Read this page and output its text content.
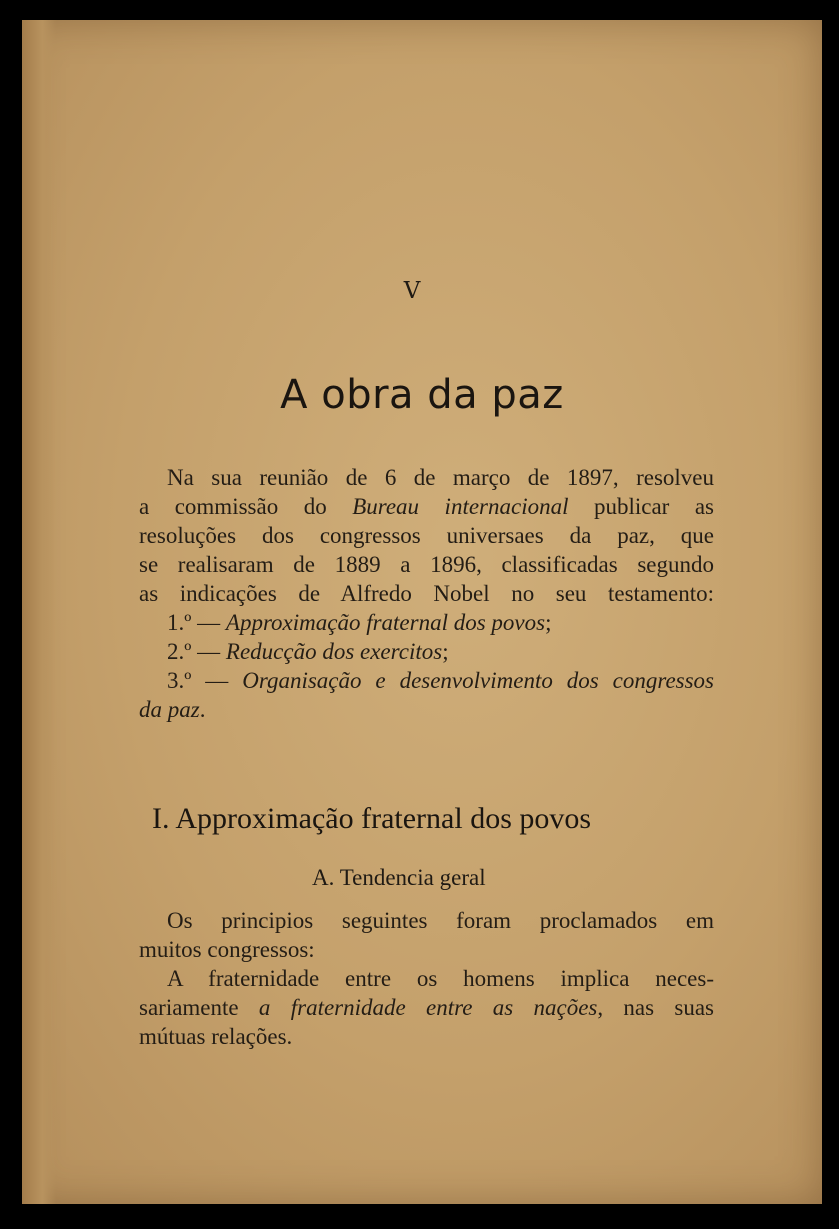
V
A obra da paz
Na sua reunião de 6 de março de 1897, resolveu
a commissão do Bureau internacional publicar as
resoluções dos congressos universaes da paz, que
se realisaram de 1889 a 1896, classificadas segundo
as indicações de Alfredo Nobel no seu testamento:
1.º — Approximação fraternal dos povos;
2.º — Reducção dos exercitos;
3.º — Organisação e desenvolvimento dos congressos
da paz.
I. Approximação fraternal dos povos
A. Tendencia geral
Os principios seguintes foram proclamados em
muitos congressos:
A fraternidade entre os homens implica neces-
sariamente a fraternidade entre as nações, nas suas
mútuas relações.
